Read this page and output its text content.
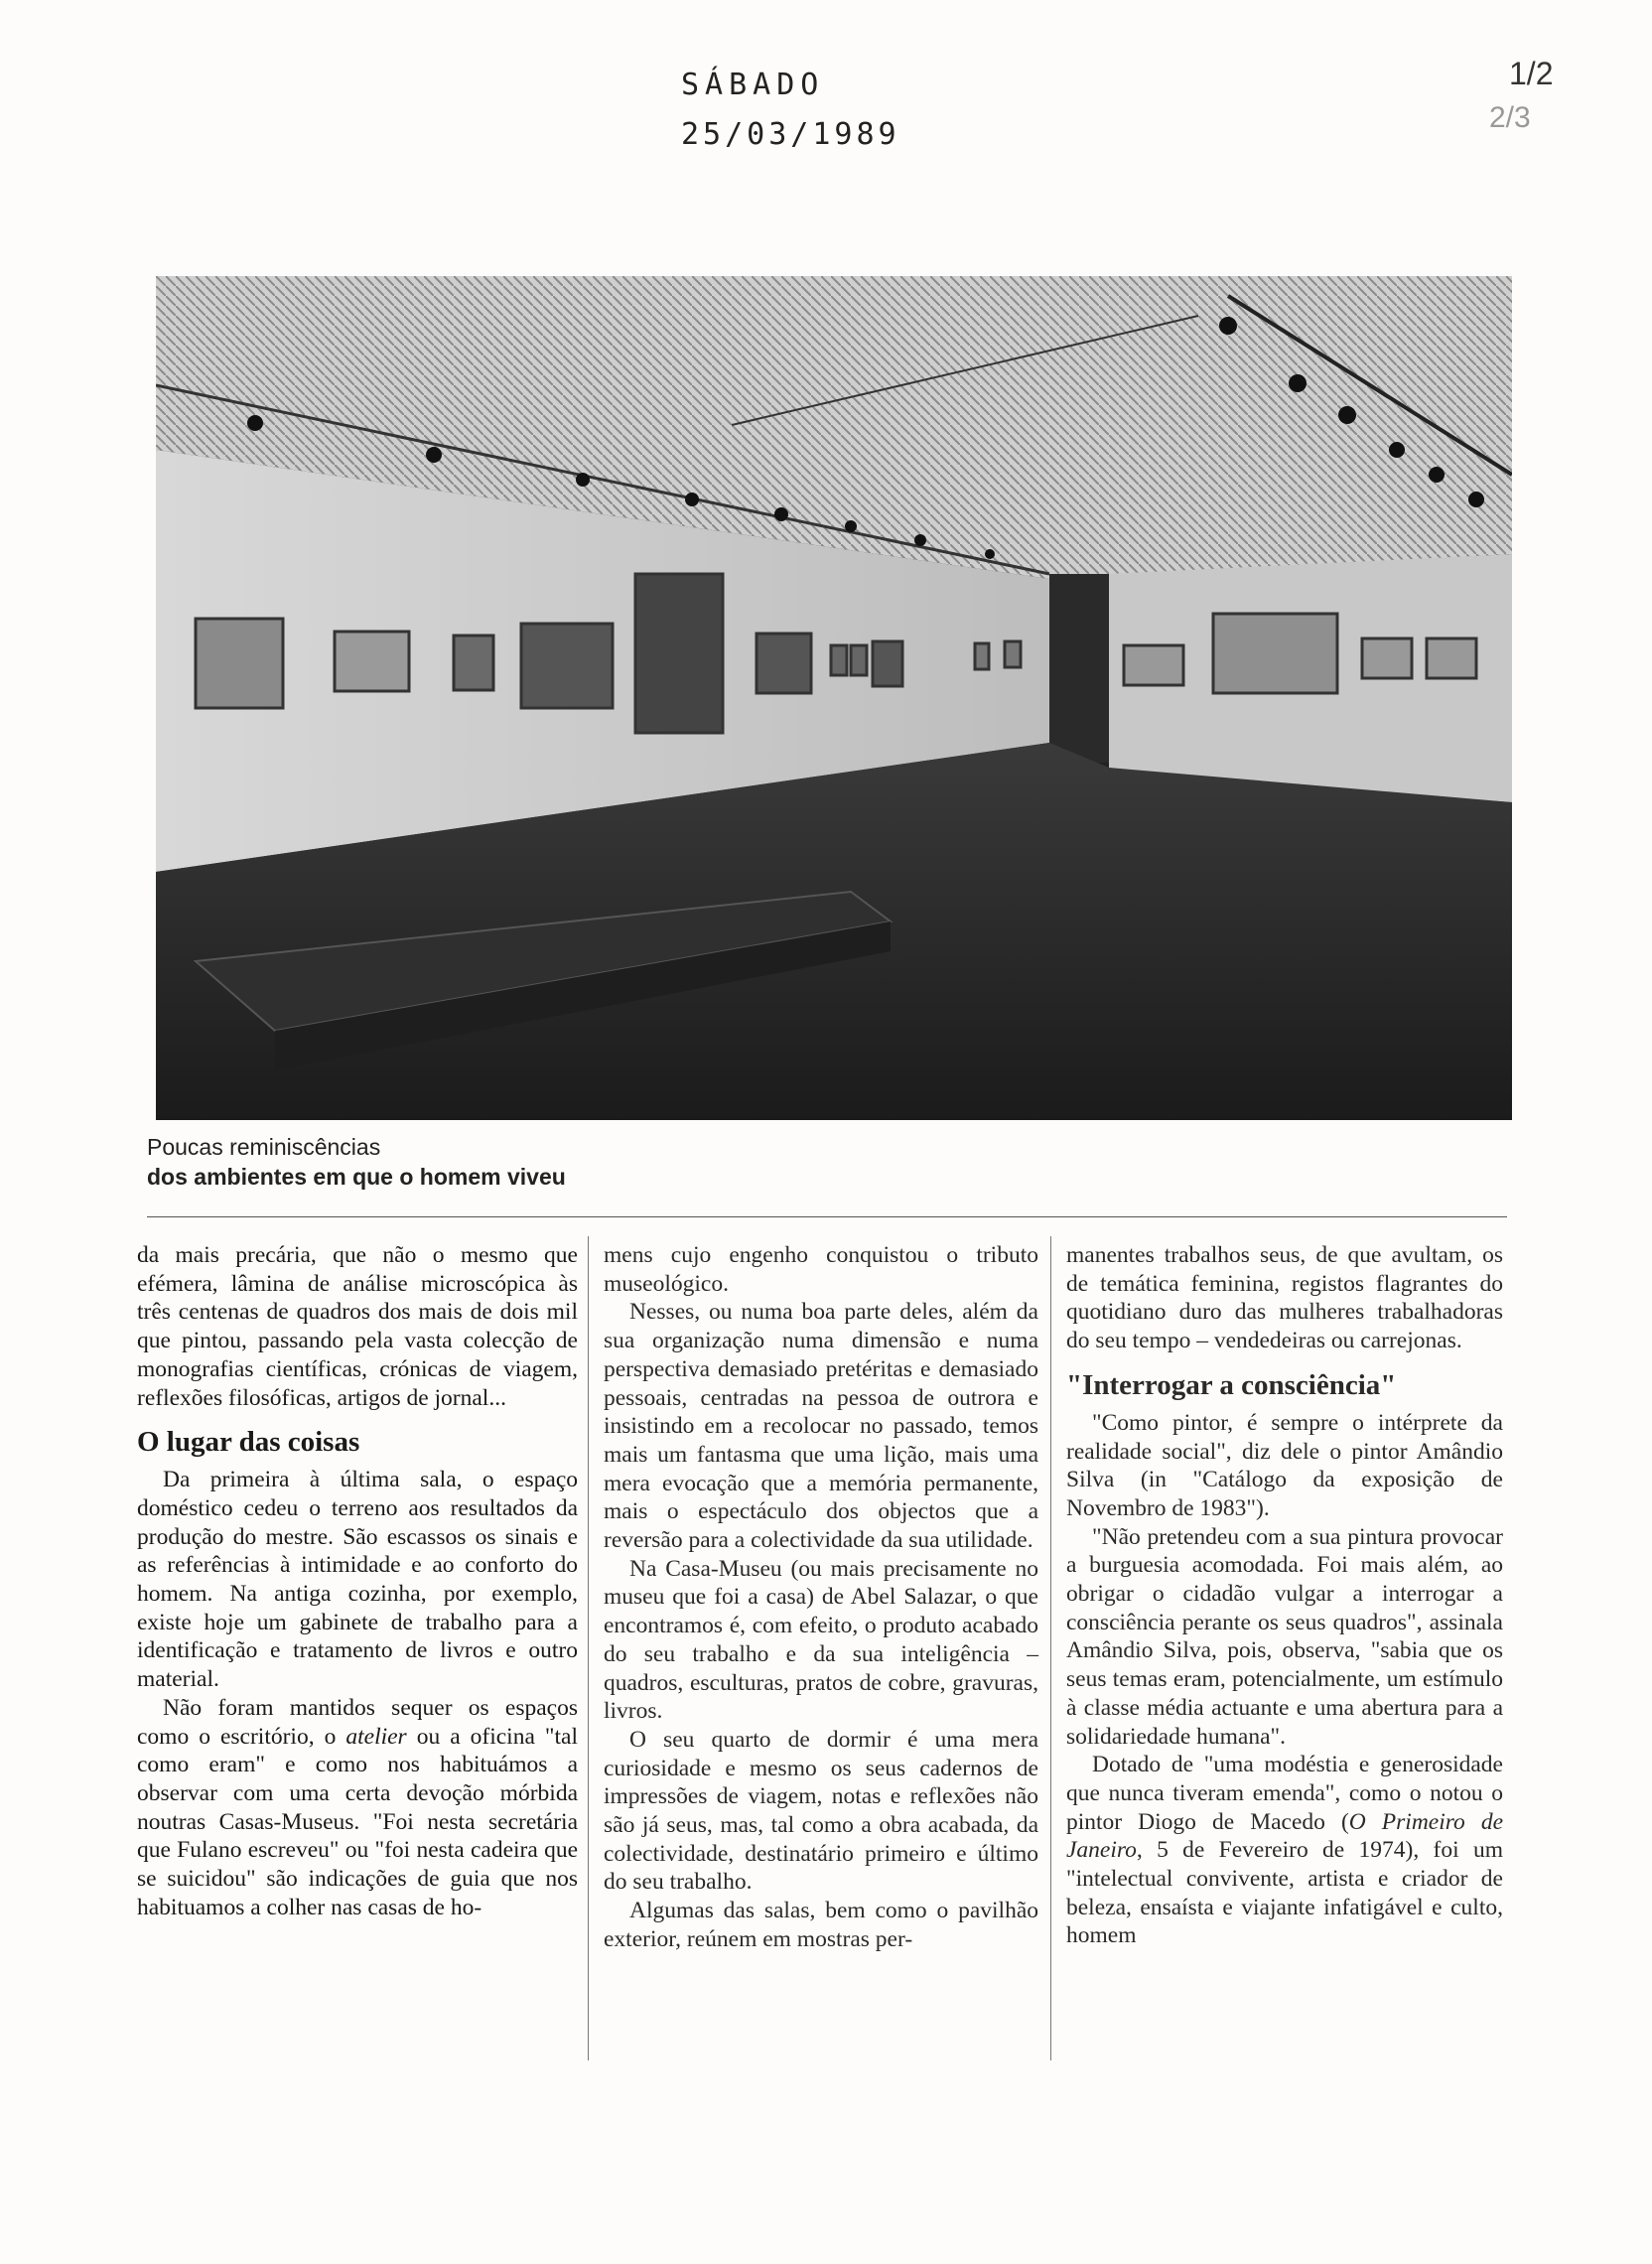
SÁBADO
25/03/1989
1/2
2/3
Poucas reminiscências
dos ambientes em que o homem viveu

da mais precária, que não o mesmo que efémera, lâmina de análise microscópica às três centenas de quadros dos mais de dois mil que pintou, passando pela vasta colecção de monografias científicas, crónicas de viagem, reflexões filosóficas, artigos de jornal...

O lugar das coisas

Da primeira à última sala, o espaço doméstico cedeu o terreno aos resultados da produção do mestre. São escassos os sinais e as referências à intimidade e ao conforto do homem. Na antiga cozinha, por exemplo, existe hoje um gabinete de trabalho para a identificação e tratamento de livros e outro material.

Não foram mantidos sequer os espaços como o escritório, o atelier ou a oficina "tal como eram" e como nos habituámos a observar com uma certa devoção mórbida noutras Casas-Museus. "Foi nesta secretária que Fulano escreveu" ou "foi nesta cadeira que se suicidou" são indicações de guia que nos habituamos a colher nas casas de ho-

mens cujo engenho conquistou o tributo museológico.

Nesses, ou numa boa parte deles, além da sua organização numa dimensão e numa perspectiva demasiado pretéritas e demasiado pessoais, centradas na pessoa de outrora e insistindo em a recolocar no passado, temos mais um fantasma que uma lição, mais uma mera evocação que a memória permanente, mais o espectáculo dos objectos que a reversão para a colectividade da sua utilidade.

Na Casa-Museu (ou mais precisamente no museu que foi a casa) de Abel Salazar, o que encontramos é, com efeito, o produto acabado do seu trabalho e da sua inteligência – quadros, esculturas, pratos de cobre, gravuras, livros.

O seu quarto de dormir é uma mera curiosidade e mesmo os seus cadernos de impressões de viagem, notas e reflexões não são já seus, mas, tal como a obra acabada, da colectividade, destinatário primeiro e último do seu trabalho.

Algumas das salas, bem como o pavilhão exterior, reúnem em mostras per-

manentes trabalhos seus, de que avultam, os de temática feminina, registos flagrantes do quotidiano duro das mulheres trabalhadoras do seu tempo – vendedeiras ou carrejonas.

"Interrogar a consciência"

"Como pintor, é sempre o intérprete da realidade social", diz dele o pintor Amândio Silva (in "Catálogo da exposição de Novembro de 1983").

"Não pretendeu com a sua pintura provocar a burguesia acomodada. Foi mais além, ao obrigar o cidadão vulgar a interrogar a consciência perante os seus quadros", assinala Amândio Silva, pois, observa, "sabia que os seus temas eram, potencialmente, um estímulo à classe média actuante e uma abertura para a solidariedade humana".

Dotado de "uma modéstia e generosidade que nunca tiveram emenda", como o notou o pintor Diogo de Macedo (O Primeiro de Janeiro, 5 de Fevereiro de 1974), foi um "intelectual convivente, artista e criador de beleza, ensaísta e viajante infatigável e culto, homem
